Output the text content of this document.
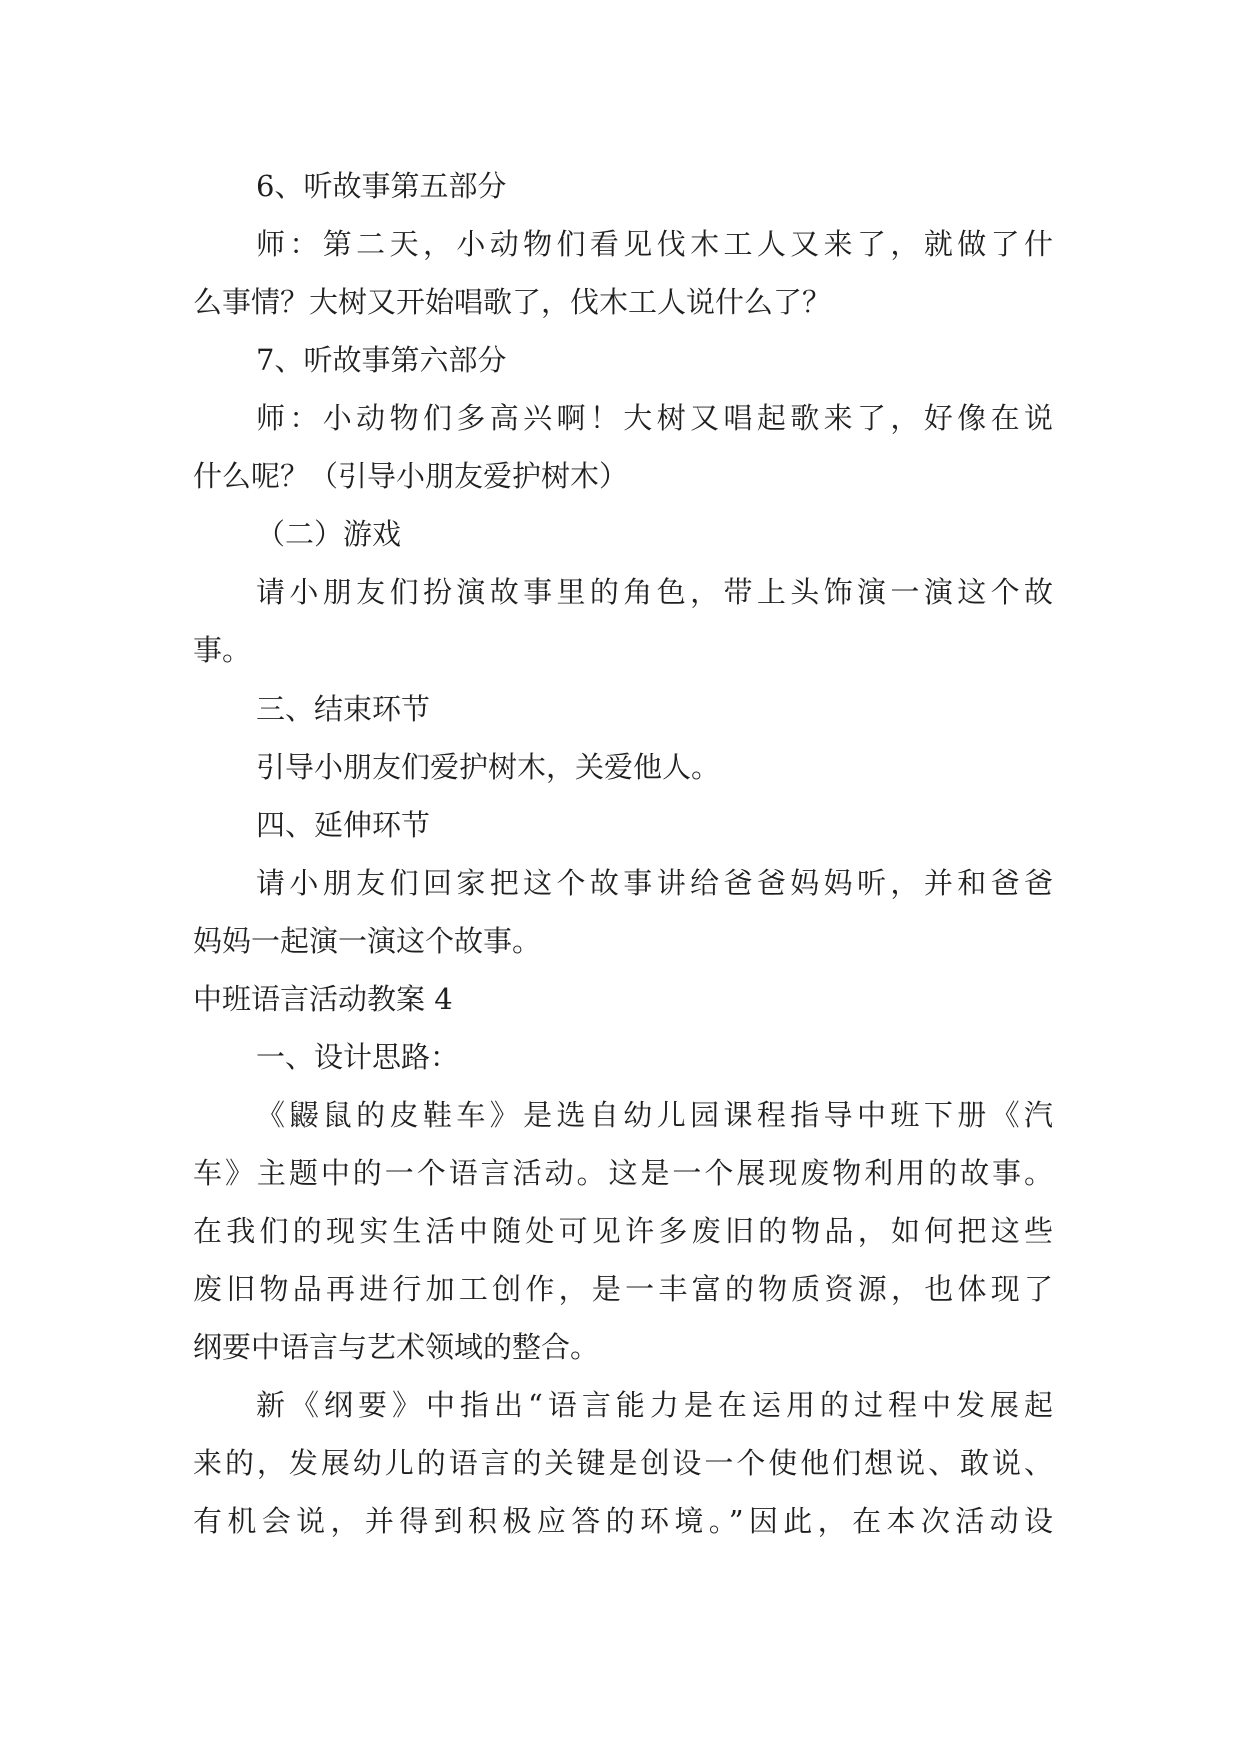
6、听故事第五部分
师：第二天，小动物们看见伐木工人又来了，就做了什
么事情？大树又开始唱歌了，伐木工人说什么了？
7、听故事第六部分
师：小动物们多高兴啊！大树又唱起歌来了，好像在说
什么呢？（引导小朋友爱护树木）
（二）游戏
请小朋友们扮演故事里的角色，带上头饰演一演这个故
事。
三、结束环节
引导小朋友们爱护树木，关爱他人。
四、延伸环节
请小朋友们回家把这个故事讲给爸爸妈妈听，并和爸爸
妈妈一起演一演这个故事。
中班语言活动教案 4
一、设计思路：
《鼹鼠的皮鞋车》是选自幼儿园课程指导中班下册《汽
车》主题中的一个语言活动。这是一个展现废物利用的故事。
在我们的现实生活中随处可见许多废旧的物品，如何把这些
废旧物品再进行加工创作，是一丰富的物质资源，也体现了
纲要中语言与艺术领域的整合。
新《纲要》中指出“语言能力是在运用的过程中发展起
来的，发展幼儿的语言的关键是创设一个使他们想说、敢说、
有机会说，并得到积极应答的环境。”因此，在本次活动设
